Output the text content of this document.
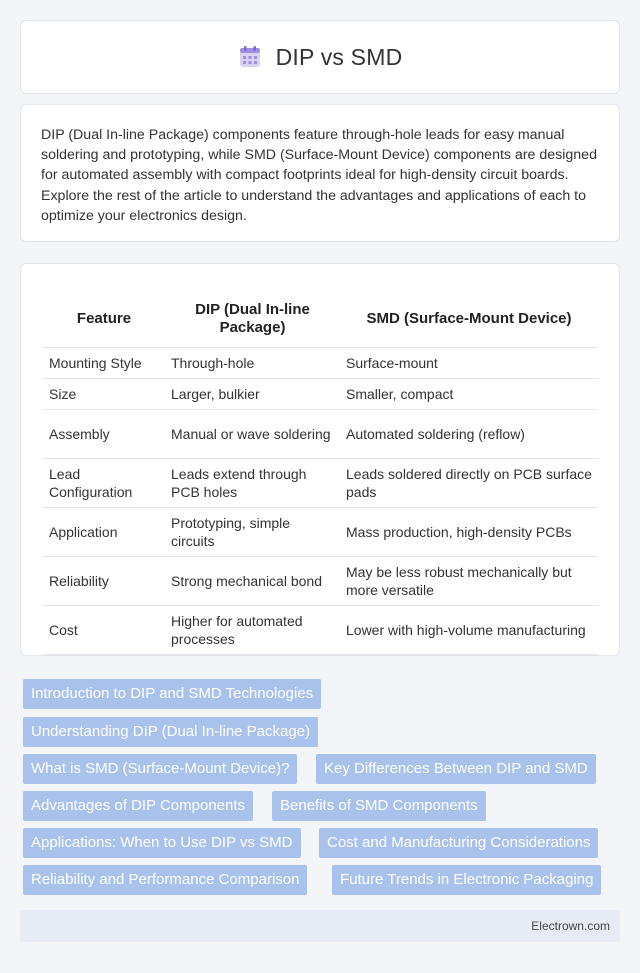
DIP vs SMD

DIP (Dual In-line Package) components feature through-hole leads for easy manual soldering and prototyping, while SMD (Surface-Mount Device) components are designed for automated assembly with compact footprints ideal for high-density circuit boards. Explore the rest of the article to understand the advantages and applications of each to optimize your electronics design.

Feature	DIP (Dual In-line Package)	SMD (Surface-Mount Device)
Mounting Style	Through-hole	Surface-mount
Size	Larger, bulkier	Smaller, compact
Assembly	Manual or wave soldering	Automated soldering (reflow)
Lead Configuration	Leads extend through PCB holes	Leads soldered directly on PCB surface pads
Application	Prototyping, simple circuits	Mass production, high-density PCBs
Reliability	Strong mechanical bond	May be less robust mechanically but more versatile
Cost	Higher for automated processes	Lower with high-volume manufacturing
Introduction to DIP and SMD Technologies
Understanding DIP (Dual In-line Package)
What is SMD (Surface-Mount Device)?	Key Differences Between DIP and SMD
Advantages of DIP Components	Benefits of SMD Components
Applications: When to Use DIP vs SMD	Cost and Manufacturing Considerations
Reliability and Performance Comparison	Future Trends in Electronic Packaging
Electrown.com
